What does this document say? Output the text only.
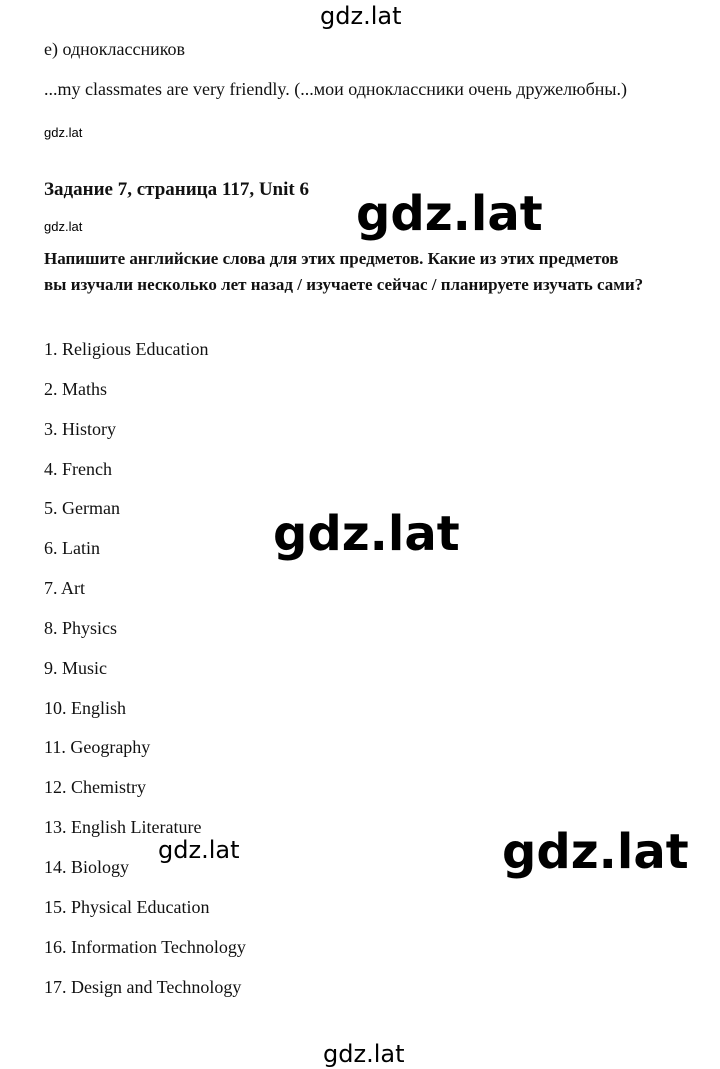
gdz.lat
gdz.lat
gdz.lat
gdz.lat
gdz.lat
gdz.lat
e) одноклассников
...my classmates are very friendly. (...мои одноклассники очень дружелюбны.)
gdz.lat
Задание 7, страница 117, Unit 6
gdz.lat
Напишите английские слова для этих предметов. Какие из этих предметов вы изучали несколько лет назад / изучаете сейчас / планируете изучать сами?
1. Religious Education
2. Maths
3. History
4. French
5. German
6. Latin
7. Art
8. Physics
9. Music
10. English
11. Geography
12. Chemistry
13. English Literature
14. Biology
15. Physical Education
16. Information Technology
17. Design and Technology
